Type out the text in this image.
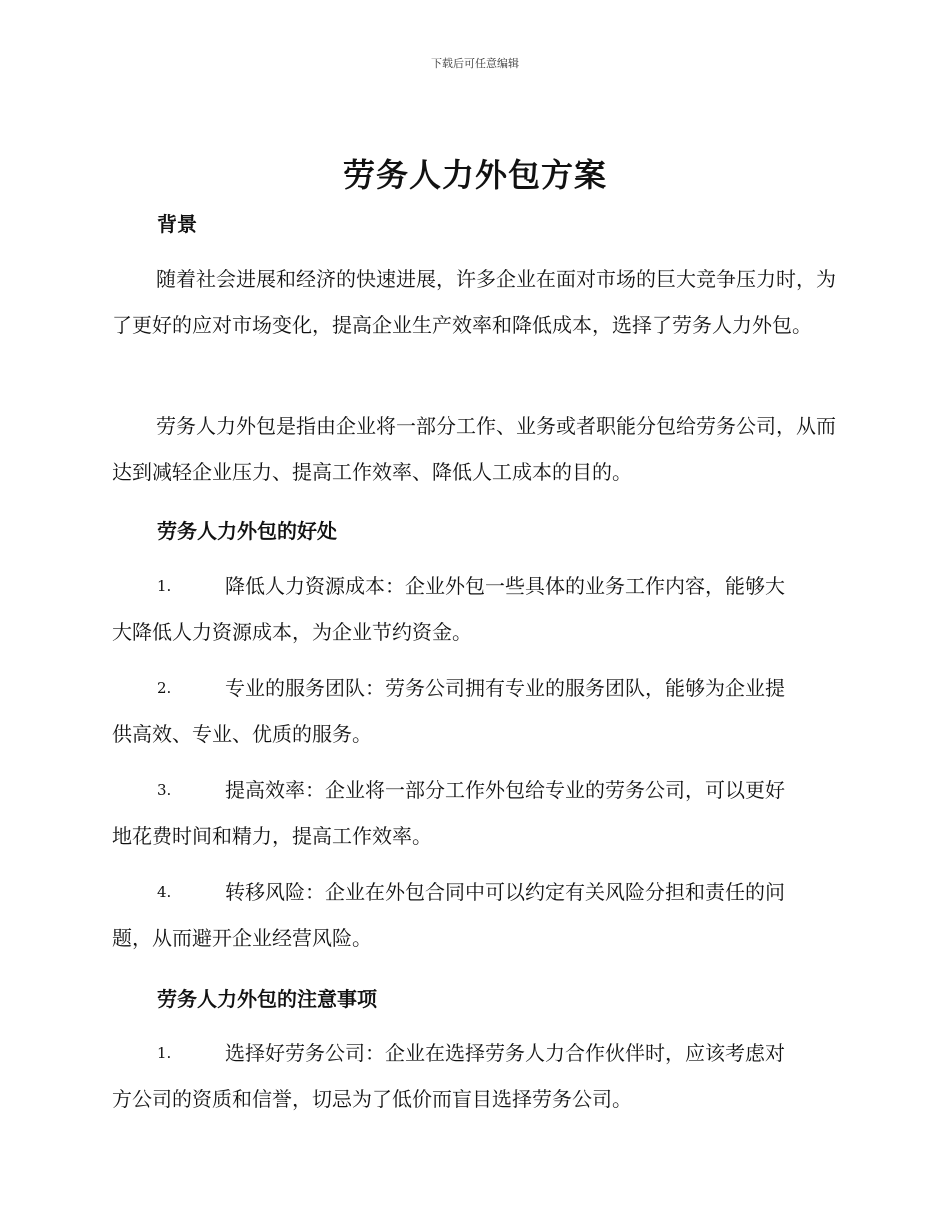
下载后可任意编辑
劳务人力外包方案
背景
随着社会进展和经济的快速进展，许多企业在面对市场的巨大竞争压力时，为了更好的应对市场变化，提高企业生产效率和降低成本，选择了劳务人力外包。
劳务人力外包是指由企业将一部分工作、业务或者职能分包给劳务公司，从而达到减轻企业压力、提高工作效率、降低人工成本的目的。
劳务人力外包的好处
1.	降低人力资源成本：企业外包一些具体的业务工作内容，能够大
大降低人力资源成本，为企业节约资金。
2.	专业的服务团队：劳务公司拥有专业的服务团队，能够为企业提
供高效、专业、优质的服务。
3.	提高效率：企业将一部分工作外包给专业的劳务公司，可以更好
地花费时间和精力，提高工作效率。
4.	转移风险：企业在外包合同中可以约定有关风险分担和责任的问
题，从而避开企业经营风险。
劳务人力外包的注意事项
1.	选择好劳务公司：企业在选择劳务人力合作伙伴时，应该考虑对
方公司的资质和信誉，切忌为了低价而盲目选择劳务公司。
